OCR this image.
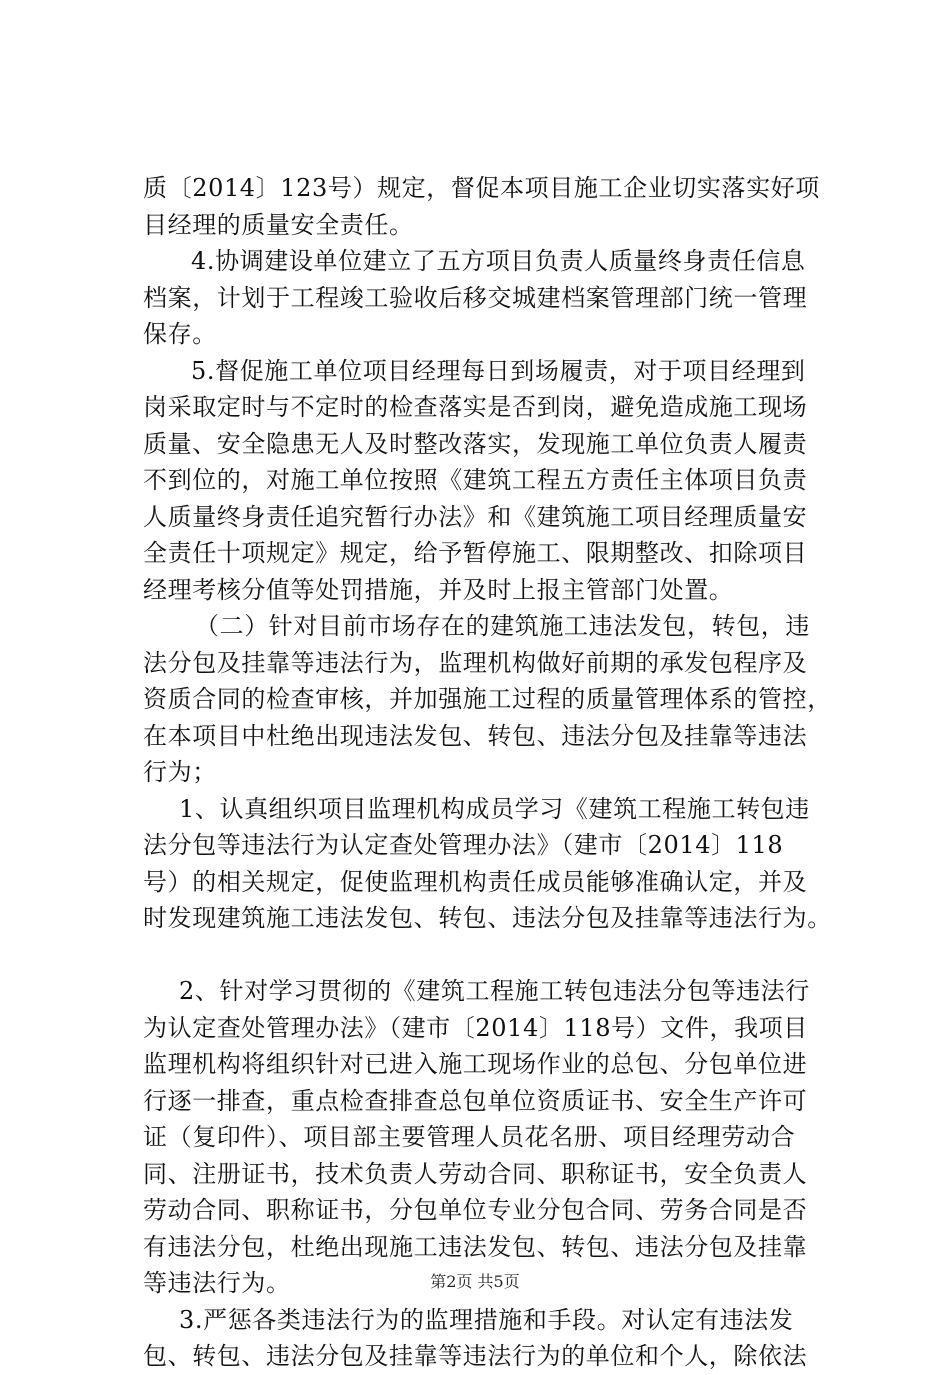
质〔2014〕123号）规定，督促本项目施工企业切实落实好项
目经理的质量安全责任。
4.协调建设单位建立了五方项目负责人质量终身责任信息
档案，计划于工程竣工验收后移交城建档案管理部门统一管理
保存。
5.督促施工单位项目经理每日到场履责，对于项目经理到
岗采取定时与不定时的检查落实是否到岗，避免造成施工现场
质量、安全隐患无人及时整改落实，发现施工单位负责人履责
不到位的，对施工单位按照《建筑工程五方责任主体项目负责
人质量终身责任追究暂行办法》和《建筑施工项目经理质量安
全责任十项规定》规定，给予暂停施工、限期整改、扣除项目
经理考核分值等处罚措施，并及时上报主管部门处置。
（二）针对目前市场存在的建筑施工违法发包，转包，违
法分包及挂靠等违法行为，监理机构做好前期的承发包程序及
资质合同的检查审核，并加强施工过程的质量管理体系的管控，
在本项目中杜绝出现违法发包、转包、违法分包及挂靠等违法
行为；
1、认真组织项目监理机构成员学习《建筑工程施工转包违
法分包等违法行为认定查处管理办法》（建市〔2014〕118
号）的相关规定，促使监理机构责任成员能够准确认定，并及
时发现建筑施工违法发包、转包、违法分包及挂靠等违法行为。
2、针对学习贯彻的《建筑工程施工转包违法分包等违法行
为认定查处管理办法》（建市〔2014〕118号）文件，我项目
监理机构将组织针对已进入施工现场作业的总包、分包单位进
行逐一排查，重点检查排查总包单位资质证书、安全生产许可
证（复印件）、项目部主要管理人员花名册、项目经理劳动合
同、注册证书，技术负责人劳动合同、职称证书，安全负责人
劳动合同、职称证书，分包单位专业分包合同、劳务合同是否
有违法分包，杜绝出现施工违法发包、转包、违法分包及挂靠
等违法行为。
3.严惩各类违法行为的监理措施和手段。对认定有违法发
包、转包、违法分包及挂靠等违法行为的单位和个人，除依法
第2页 共5页
